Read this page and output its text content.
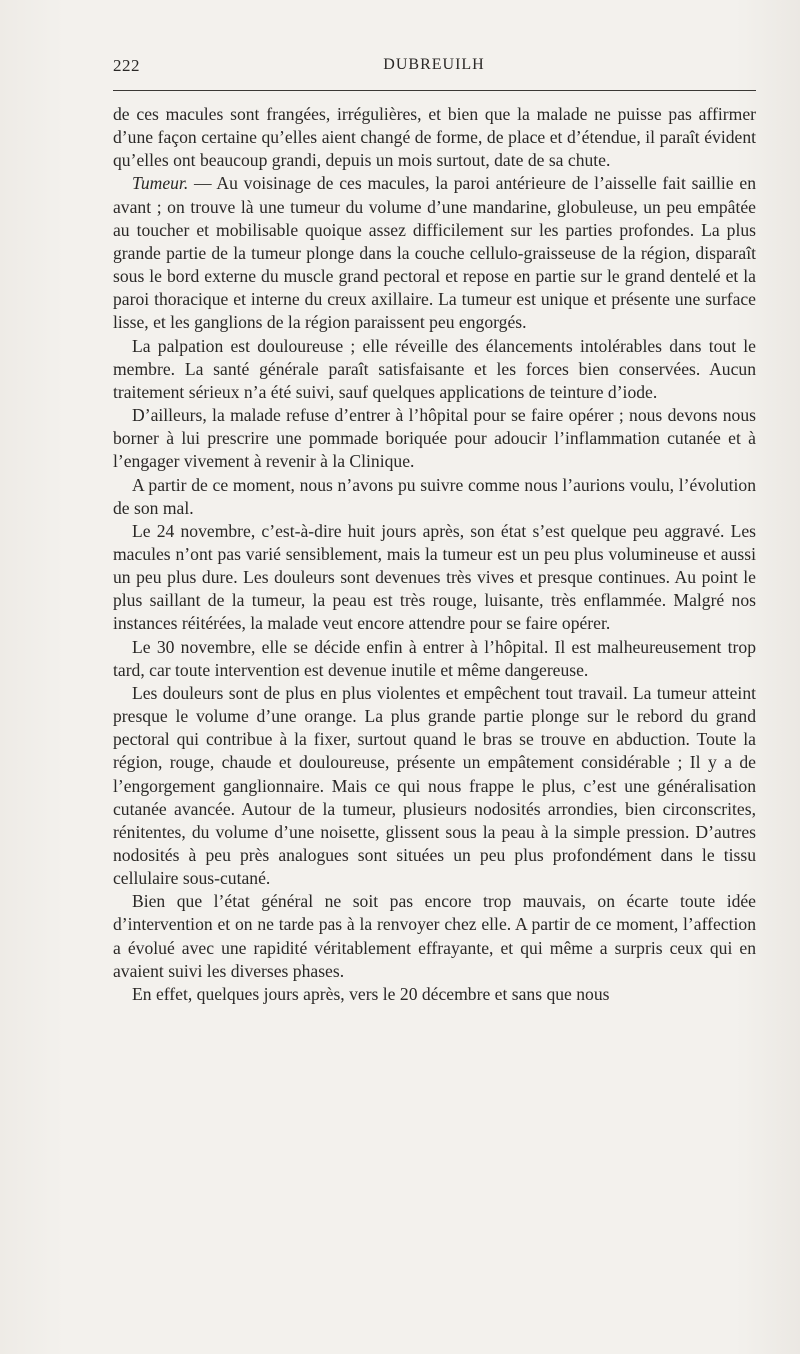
222	DUBREUILH

de ces macules sont frangées, irrégulières, et bien que la malade ne puisse pas affirmer d’une façon certaine qu’elles aient changé de forme, de place et d’étendue, il paraît évident qu’elles ont beaucoup grandi, depuis un mois surtout, date de sa chute.

Tumeur. — Au voisinage de ces macules, la paroi antérieure de l’aisselle fait saillie en avant ; on trouve là une tumeur du volume d’une mandarine, globuleuse, un peu empâtée au toucher et mobilisable quoique assez difficilement sur les parties profondes. La plus grande partie de la tumeur plonge dans la couche cellulo-graisseuse de la région, disparaît sous le bord externe du muscle grand pectoral et repose en partie sur le grand dentelé et la paroi thoracique et interne du creux axillaire. La tumeur est unique et présente une surface lisse, et les ganglions de la région paraissent peu engorgés.

La palpation est douloureuse ; elle réveille des élancements intolérables dans tout le membre. La santé générale paraît satisfaisante et les forces bien conservées. Aucun traitement sérieux n’a été suivi, sauf quelques applications de teinture d’iode.

D’ailleurs, la malade refuse d’entrer à l’hôpital pour se faire opérer ; nous devons nous borner à lui prescrire une pommade boriquée pour adoucir l’inflammation cutanée et à l’engager vivement à revenir à la Clinique.

A partir de ce moment, nous n’avons pu suivre comme nous l’aurions voulu, l’évolution de son mal.

Le 24 novembre, c’est-à-dire huit jours après, son état s’est quelque peu aggravé. Les macules n’ont pas varié sensiblement, mais la tumeur est un peu plus volumineuse et aussi un peu plus dure. Les douleurs sont devenues très vives et presque continues. Au point le plus saillant de la tumeur, la peau est très rouge, luisante, très enflammée. Malgré nos instances réitérées, la malade veut encore attendre pour se faire opérer.

Le 30 novembre, elle se décide enfin à entrer à l’hôpital. Il est malheureusement trop tard, car toute intervention est devenue inutile et même dangereuse.

Les douleurs sont de plus en plus violentes et empêchent tout travail. La tumeur atteint presque le volume d’une orange. La plus grande partie plonge sur le rebord du grand pectoral qui contribue à la fixer, surtout quand le bras se trouve en abduction. Toute la région, rouge, chaude et douloureuse, présente un empâtement considérable ; Il y a de l’engorgement ganglionnaire. Mais ce qui nous frappe le plus, c’est une généralisation cutanée avancée. Autour de la tumeur, plusieurs nodosités arrondies, bien circonscrites, rénitentes, du volume d’une noisette, glissent sous la peau à la simple pression. D’autres nodosités à peu près analogues sont situées un peu plus profondément dans le tissu cellulaire sous-cutané.

Bien que l’état général ne soit pas encore trop mauvais, on écarte toute idée d’intervention et on ne tarde pas à la renvoyer chez elle. A partir de ce moment, l’affection a évolué avec une rapidité véritablement effrayante, et qui même a surpris ceux qui en avaient suivi les diverses phases.

En effet, quelques jours après, vers le 20 décembre et sans que nous
